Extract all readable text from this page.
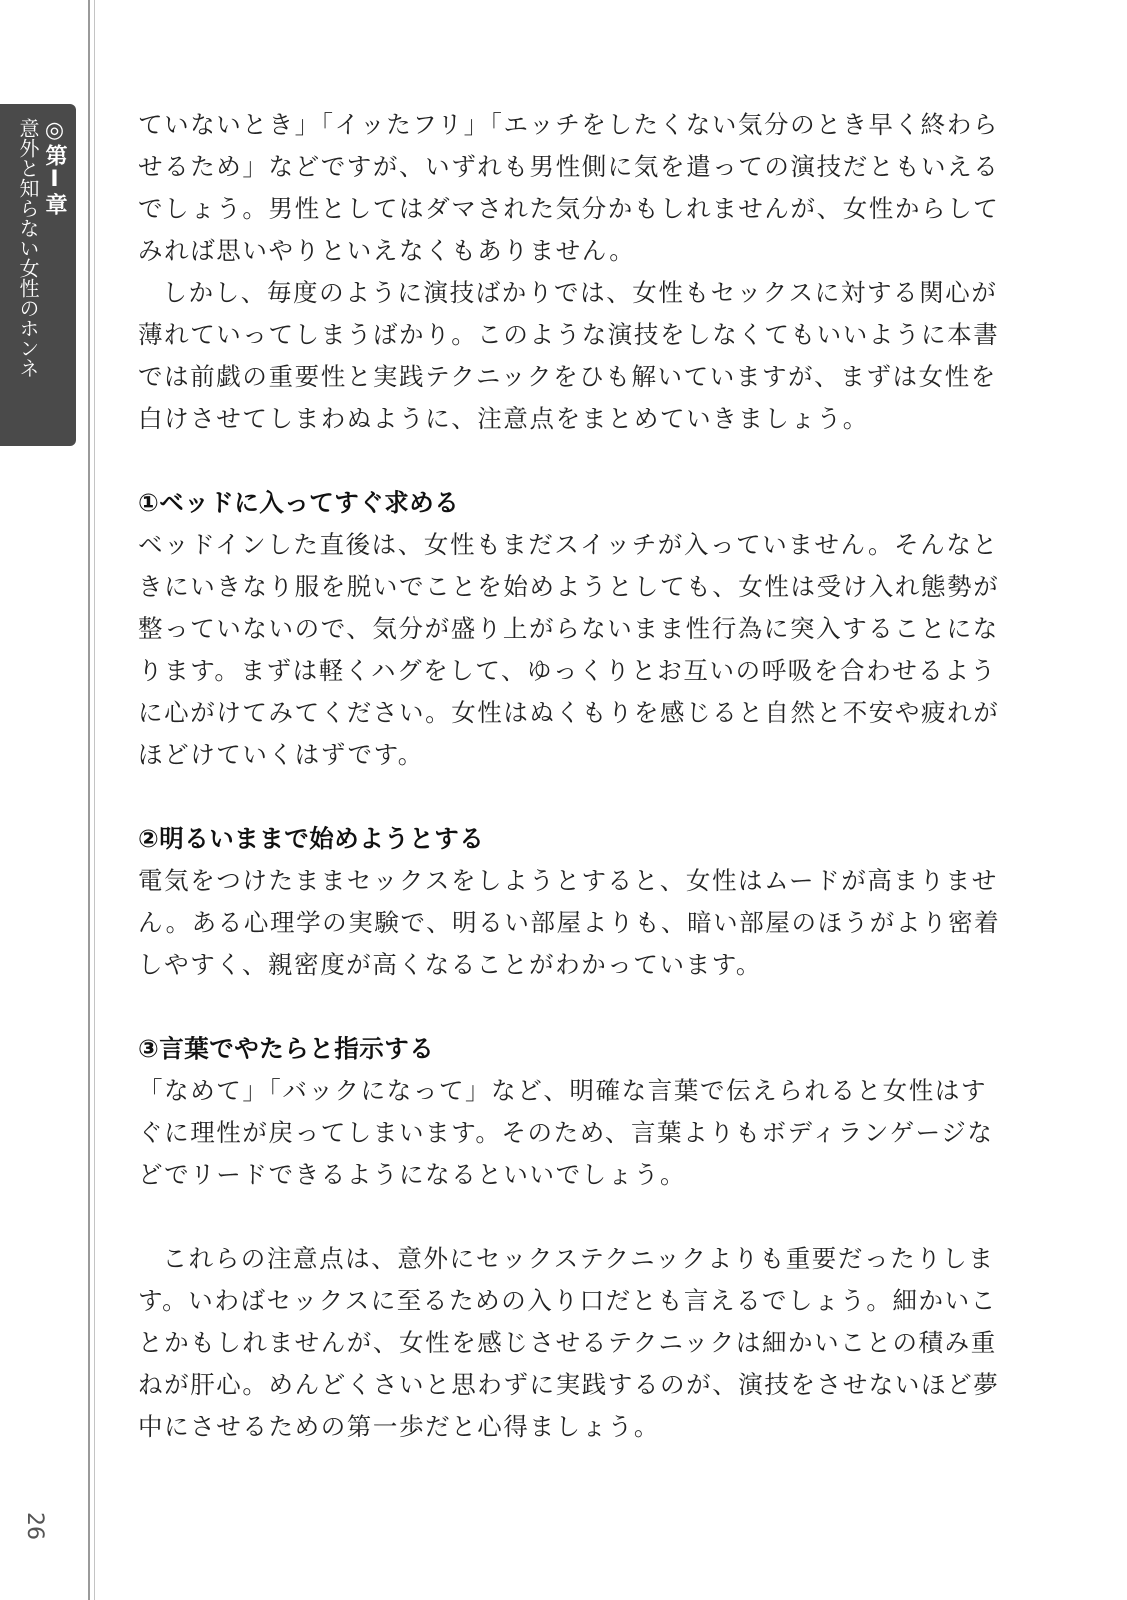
◎第Ⅰ章
意外と知らない女性のホンネ
26

ていないとき」「イッたフリ」「エッチをしたくない気分のとき早く終わらせるため」などですが、いずれも男性側に気を遣っての演技だともいえるでしょう。男性としてはダマされた気分かもしれませんが、女性からしてみれば思いやりといえなくもありません。

しかし、毎度のように演技ばかりでは、女性もセックスに対する関心が薄れていってしまうばかり。このような演技をしなくてもいいように本書では前戯の重要性と実践テクニックをひも解いていますが、まずは女性を白けさせてしまわぬように、注意点をまとめていきましょう。

①ベッドに入ってすぐ求める

ベッドインした直後は、女性もまだスイッチが入っていません。そんなときにいきなり服を脱いでことを始めようとしても、女性は受け入れ態勢が整っていないので、気分が盛り上がらないまま性行為に突入することになります。まずは軽くハグをして、ゆっくりとお互いの呼吸を合わせるように心がけてみてください。女性はぬくもりを感じると自然と不安や疲れがほどけていくはずです。

②明るいままで始めようとする

電気をつけたままセックスをしようとすると、女性はムードが高まりません。ある心理学の実験で、明るい部屋よりも、暗い部屋のほうがより密着しやすく、親密度が高くなることがわかっています。

③言葉でやたらと指示する

「なめて」「バックになって」など、明確な言葉で伝えられると女性はすぐに理性が戻ってしまいます。そのため、言葉よりもボディランゲージなどでリードできるようになるといいでしょう。

これらの注意点は、意外にセックステクニックよりも重要だったりします。いわばセックスに至るための入り口だとも言えるでしょう。細かいことかもしれませんが、女性を感じさせるテクニックは細かいことの積み重ねが肝心。めんどくさいと思わずに実践するのが、演技をさせないほど夢中にさせるための第一歩だと心得ましょう。
